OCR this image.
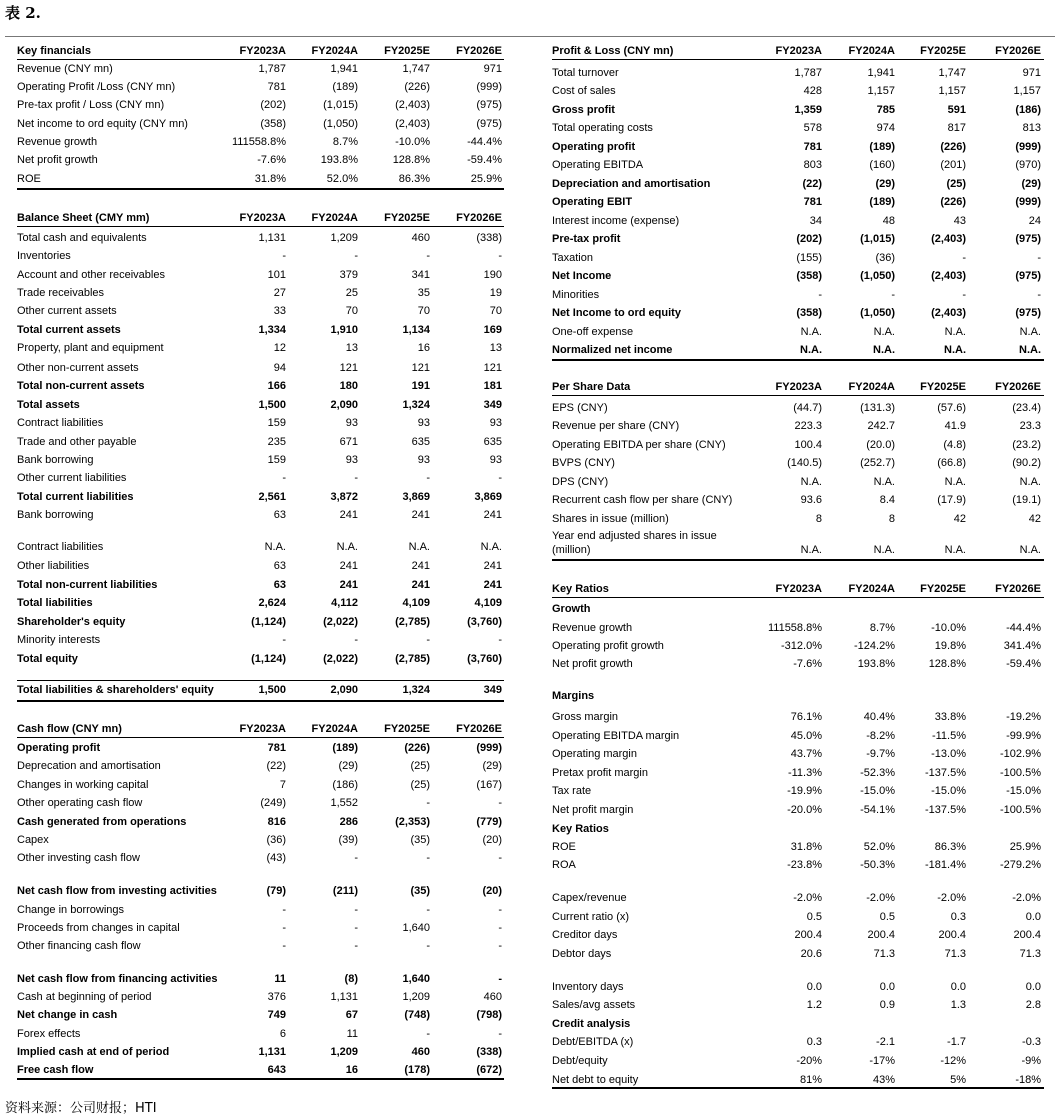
表 2.
Key financials	FY2023A FY2024A FY2025E FY2026E
Revenue (CNY mn)	1,787	1,941	1,747	971
Operating Profit /Loss (CNY mn)	781	(189)	(226)	(999)
Pre-tax profit / Loss (CNY mn)	(202)	(1,015)	(2,403)	(975)
Net income to ord equity (CNY mn)	(358)	(1,050)	(2,403)	(975)
Revenue growth	111558.8%	8.7%	-10.0%	-44.4%
Net profit growth	-7.6%	193.8%	128.8%	-59.4%
ROE	31.8%	52.0%	86.3%	25.9%
Balance Sheet (CMY mm)	FY2023A FY2024A FY2025E FY2026E
Total cash and equivalents	1,131	1,209	460	(338)
Inventories	-	-	-	-
Account and other receivables	101	379	341	190
Trade receivables	27	25	35	19
Other current assets	33	70	70	70
Total current assets	1,334	1,910	1,134	169
Property, plant and equipment	12	13	16	13
Other non-current assets	94	121	121	121
Total non-current assets	166	180	191	181
Total assets	1,500	2,090	1,324	349
Contract liabilities	159	93	93	93
Trade and other payable	235	671	635	635
Bank borrowing	159	93	93	93
Other current liabilities	-	-	-	-
Total current liabilities	2,561	3,872	3,869	3,869
Bank borrowing	63	241	241	241
Contract liabilities	N.A.	N.A.	N.A.	N.A.
Other liabilities	63	241	241	241
Total non-current liabilities	63	241	241	241
Total liabilities	2,624	4,112	4,109	4,109
Shareholder's equity	(1,124)	(2,022)	(2,785)	(3,760)
Minority interests	-	-	-	-
Total equity	(1,124)	(2,022)	(2,785)	(3,760)
Total liabilities & shareholders' equity	1,500	2,090	1,324	349
Cash flow (CNY mn)	FY2023A FY2024A FY2025E FY2026E
Operating profit	781	(189)	(226)	(999)
Deprecation and amortisation	(22)	(29)	(25)	(29)
Changes in working capital	7	(186)	(25)	(167)
Other operating cash flow	(249)	1,552	-	-
Cash generated from operations	816	286	(2,353)	(779)
Capex	(36)	(39)	(35)	(20)
Other investing cash flow	(43)	-	-	-
Net cash flow from investing activities	(79)	(211)	(35)	(20)
Change in borrowings	-	-	-	-
Proceeds from changes in capital	-	-	1,640	-
Other financing cash flow	-	-	-	-
Net cash flow from financing activities	11	(8)	1,640	-
Cash at beginning of period	376	1,131	1,209	460
Net change in cash	749	67	(748)	(798)
Forex effects	6	11	-	-
Implied cash at end of period	1,131	1,209	460	(338)
Free cash flow	643	16	(178)	(672)
Profit & Loss (CNY mn)	FY2023A FY2024A FY2025E	FY2026E
Total turnover	1,787	1,941	1,747	971
Cost of sales	428	1,157	1,157	1,157
Gross profit	1,359	785	591	(186)
Total operating costs	578	974	817	813
Operating profit	781	(189)	(226)	(999)
Operating EBITDA	803	(160)	(201)	(970)
Depreciation and amortisation	(22)	(29)	(25)	(29)
Operating EBIT	781	(189)	(226)	(999)
Interest income (expense)	34	48	43	24
Pre-tax profit	(202)	(1,015)	(2,403)	(975)
Taxation	(155)	(36)	-	-
Net Income	(358)	(1,050)	(2,403)	(975)
Minorities	-	-	-	-
Net Income to ord equity	(358)	(1,050)	(2,403)	(975)
One-off expense	N.A.	N.A.	N.A.	N.A.
Normalized net income	N.A.	N.A.	N.A.	N.A.
Per Share Data	FY2023A FY2024A FY2025E	FY2026E
EPS (CNY)	(44.7)	(131.3)	(57.6)	(23.4)
Revenue per share (CNY)	223.3	242.7	41.9	23.3
Operating EBITDA per share (CNY)	100.4	(20.0)	(4.8)	(23.2)
BVPS (CNY)	(140.5)	(252.7)	(66.8)	(90.2)
DPS (CNY)	N.A.	N.A.	N.A.	N.A.
Recurrent cash flow per share (CNY)	93.6	8.4	(17.9)	(19.1)
Shares in issue (million)	8	8	42	42
Year end adjusted shares in issue (million)	N.A.	N.A.	N.A.	N.A.
Key Ratios	FY2023A FY2024A FY2025E	FY2026E
Growth
Revenue growth	111558.8%	8.7%	-10.0%	-44.4%
Operating profit growth	-312.0%	-124.2%	19.8%	341.4%
Net profit growth	-7.6%	193.8%	128.8%	-59.4%
Margins
Gross margin	76.1%	40.4%	33.8%	-19.2%
Operating EBITDA margin	45.0%	-8.2%	-11.5%	-99.9%
Operating margin	43.7%	-9.7%	-13.0%	-102.9%
Pretax profit margin	-11.3%	-52.3%	-137.5%	-100.5%
Tax rate	-19.9%	-15.0%	-15.0%	-15.0%
Net profit margin	-20.0%	-54.1%	-137.5%	-100.5%
Key Ratios
ROE	31.8%	52.0%	86.3%	25.9%
ROA	-23.8%	-50.3%	-181.4%	-279.2%
Capex/revenue	-2.0%	-2.0%	-2.0%	-2.0%
Current ratio (x)	0.5	0.5	0.3	0.0
Creditor days	200.4	200.4	200.4	200.4
Debtor days	20.6	71.3	71.3	71.3
Inventory days	0.0	0.0	0.0	0.0
Sales/avg assets	1.2	0.9	1.3	2.8
Credit analysis
Debt/EBITDA (x)	0.3	-2.1	-1.7	-0.3
Debt/equity	-20%	-17%	-12%	-9%
Net debt to equity	81%	43%	5%	-18%
资料来源：公司财报；HTI
